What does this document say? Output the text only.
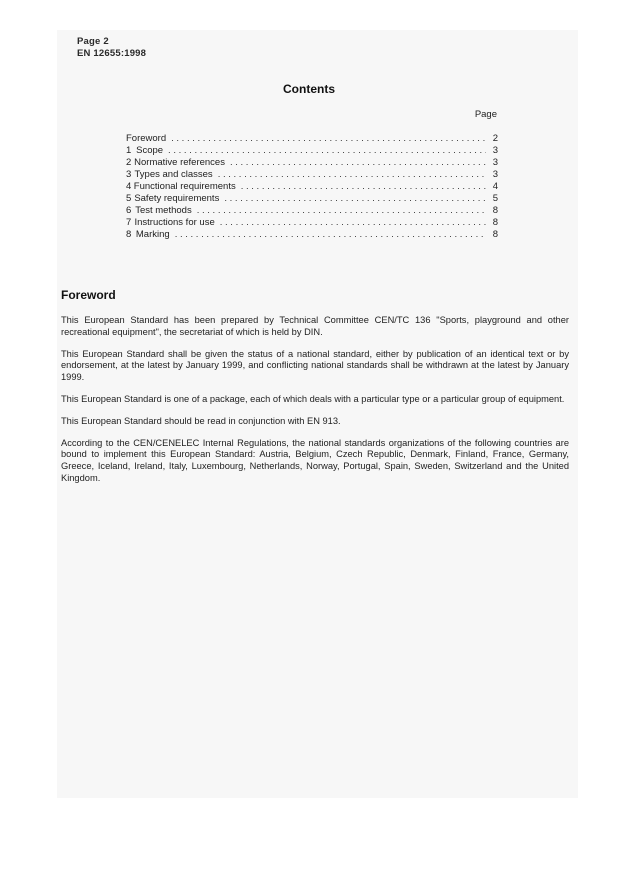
Page 2
EN 12655:1998
Contents
Page
Foreword . . .	2
1 Scope . . .	3
2 Normative references . . .	3
3 Types and classes . . .	3
4 Functional requirements . . .	4
5 Safety requirements . . .	5
6 Test methods . . .	8
7 Instructions for use . . .	8
8 Marking . . .	8
Foreword

This European Standard has been prepared by Technical Committee CEN/TC 136 "Sports, playground and other recreational equipment", the secretariat of which is held by DIN.

This European Standard shall be given the status of a national standard, either by publication of an identical text or by endorsement, at the latest by January 1999, and conflicting national standards shall be withdrawn at the latest by January 1999.

This European Standard is one of a package, each of which deals with a particular type or a particular group of equipment.

This European Standard should be read in conjunction with EN 913.

According to the CEN/CENELEC Internal Regulations, the national standards organizations of the following countries are bound to implement this European Standard: Austria, Belgium, Czech Republic, Denmark, Finland, France, Germany, Greece, Iceland, Ireland, Italy, Luxembourg, Netherlands, Norway, Portugal, Spain, Sweden, Switzerland and the United Kingdom.
